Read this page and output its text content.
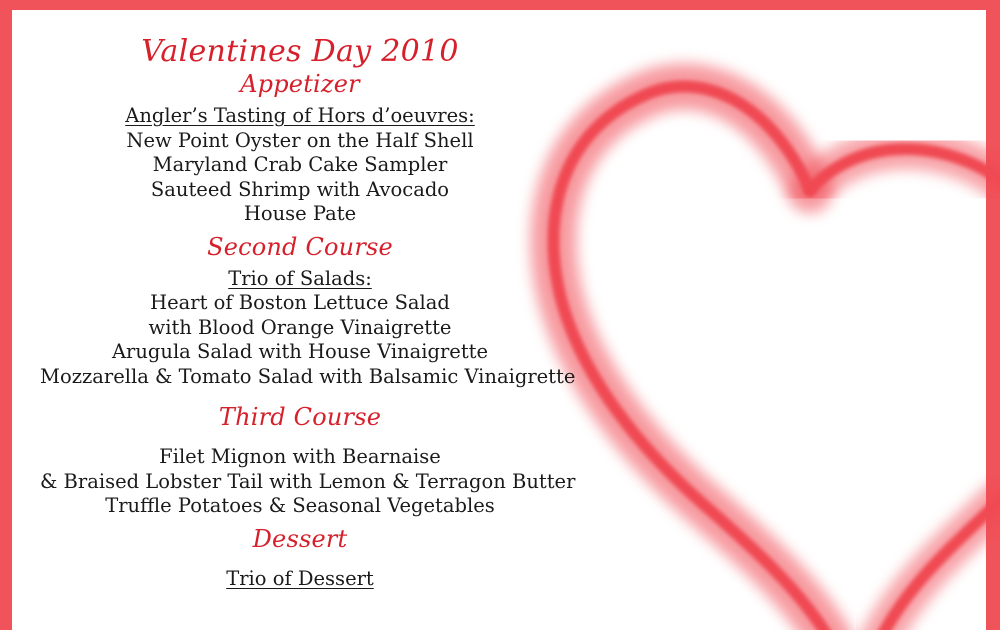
Valentines Day 2010
Appetizer
Angler’s Tasting of Hors d’oeuvres:
New Point Oyster on the Half Shell
Maryland Crab Cake Sampler
Sauteed Shrimp with Avocado
House Pate
Second Course
Trio of Salads:
Heart of Boston Lettuce Salad
with Blood Orange Vinaigrette
Arugula Salad with House Vinaigrette
Mozzarella & Tomato Salad with Balsamic Vinaigrette
Third Course
Filet Mignon with Bearnaise
& Braised Lobster Tail with Lemon & Terragon Butter
Truffle Potatoes & Seasonal Vegetables
Dessert
Trio of Dessert
